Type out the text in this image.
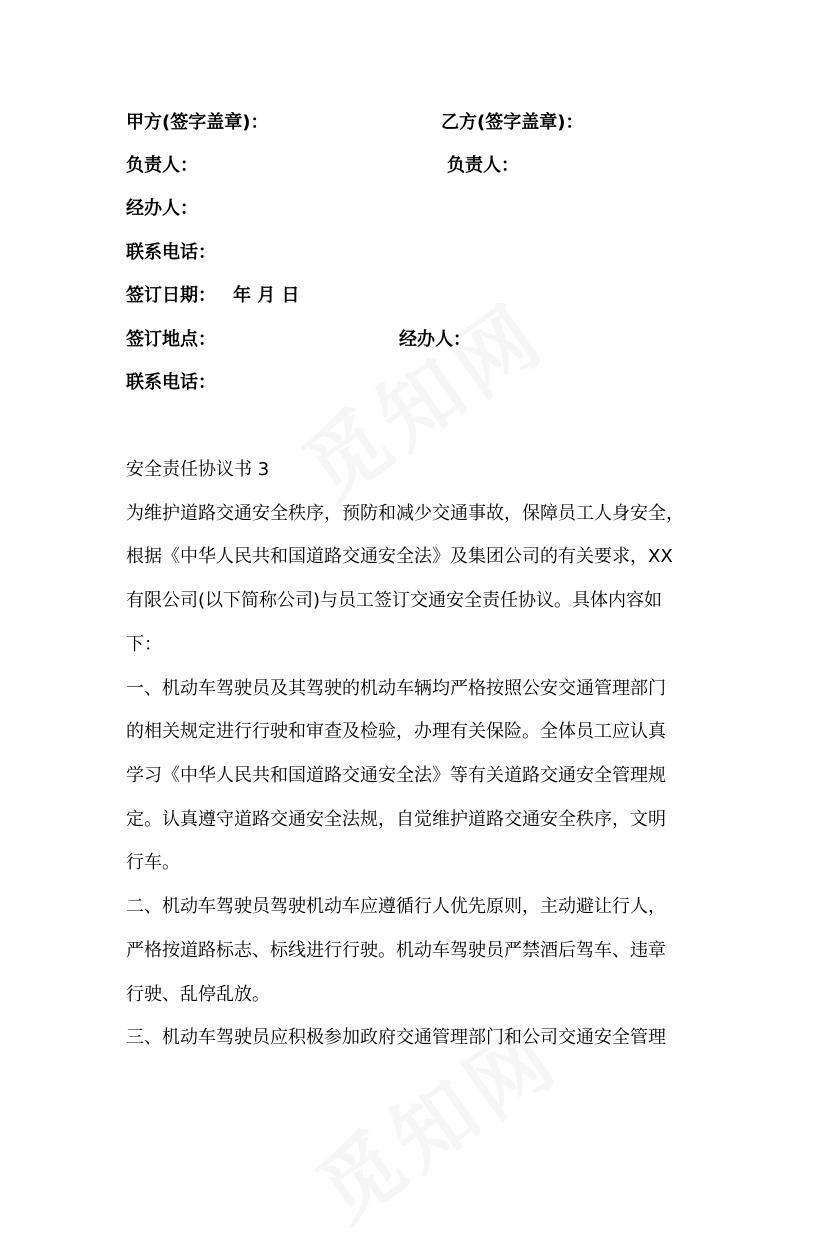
甲方(签字盖章)：	乙方(签字盖章)：
负责人：	负责人：
经办人：
联系电话：
签订日期： 年 月 日
签订地点：	经办人：
联系电话：
安全责任协议书 3
为维护道路交通安全秩序，预防和减少交通事故，保障员工人身安全，
根据《中华人民共和国道路交通安全法》及集团公司的有关要求，XX
有限公司(以下简称公司)与员工签订交通安全责任协议。具体内容如
下：
一、机动车驾驶员及其驾驶的机动车辆均严格按照公安交通管理部门
的相关规定进行行驶和审查及检验，办理有关保险。全体员工应认真
学习《中华人民共和国道路交通安全法》等有关道路交通安全管理规
定。认真遵守道路交通安全法规，自觉维护道路交通安全秩序，文明
行车。
二、机动车驾驶员驾驶机动车应遵循行人优先原则，主动避让行人，
严格按道路标志、标线进行行驶。机动车驾驶员严禁酒后驾车、违章
行驶、乱停乱放。
三、机动车驾驶员应积极参加政府交通管理部门和公司交通安全管理
